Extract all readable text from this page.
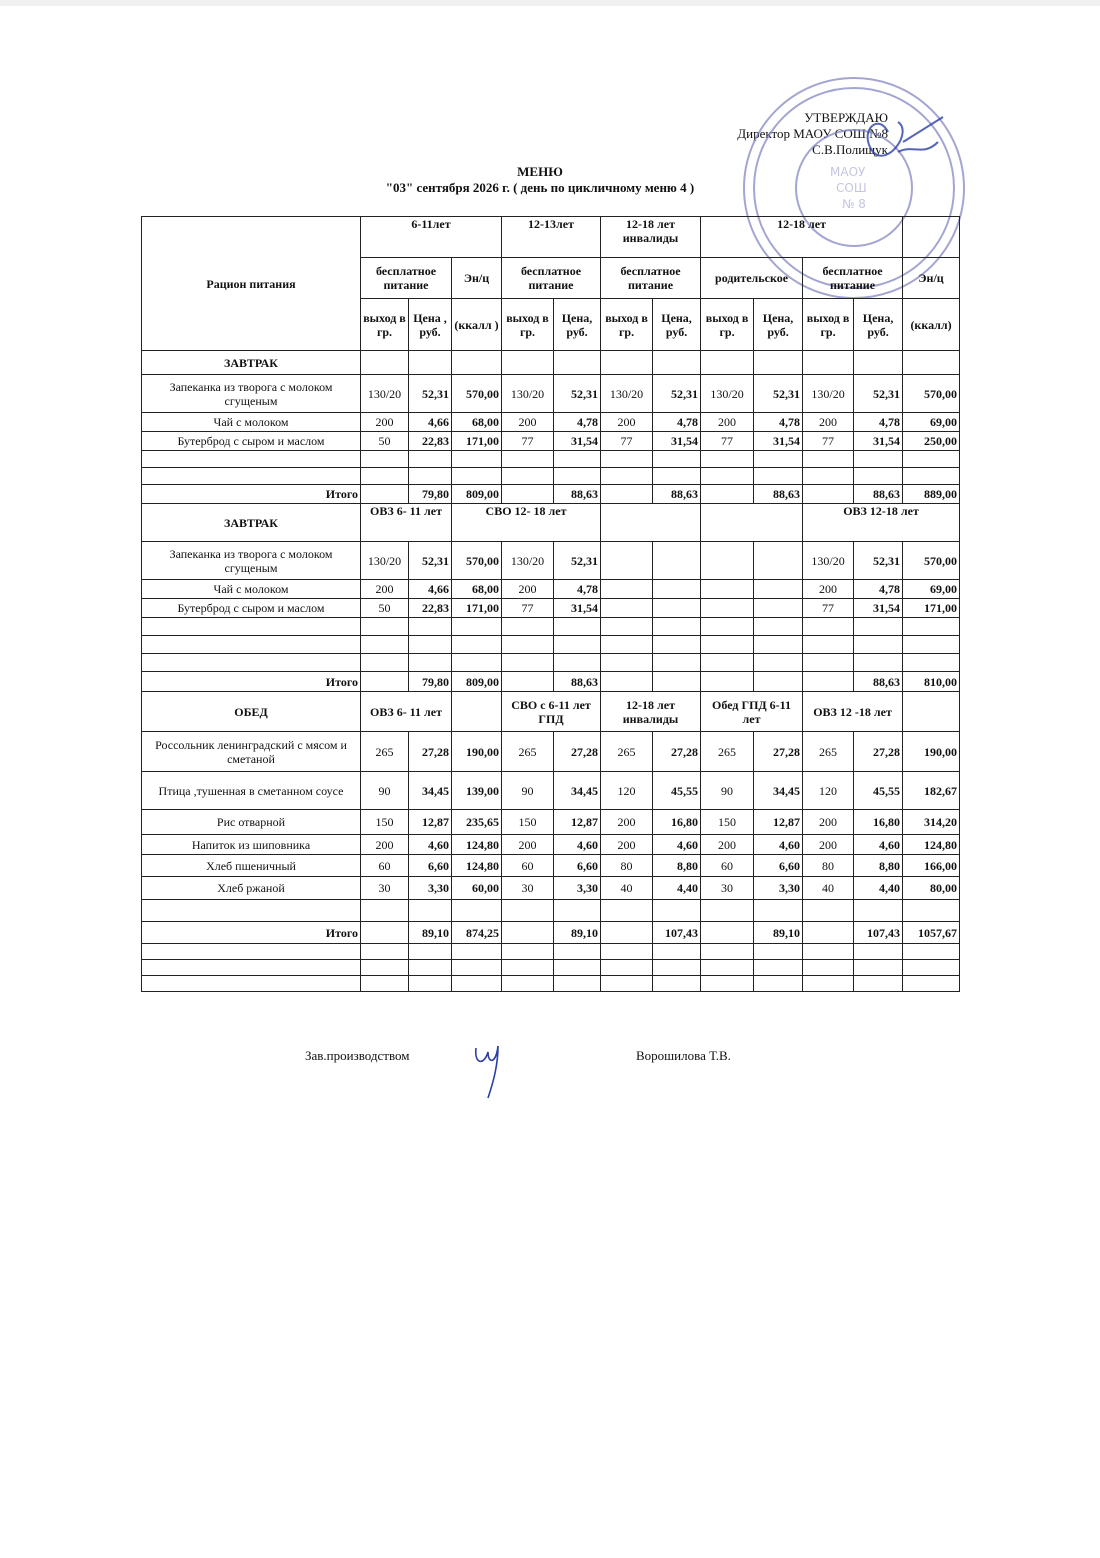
УТВЕРЖДАЮ
Директор МАОУ СОШ №8
С.В.Полищук
МАОУ
СОШ
№ 8
МЕНЮ
"03" сентября 2026 г. ( день по цикличному меню 4 )
Рацион питания	6-11лет			12-13лет		12-18 лет инвалиды		12-18 лет				
	бесплатное питание		Эн/ц	бесплатное питание		бесплатное питание		родительское		бесплатное питание		Эн/ц
	выход в гр.	Цена , руб.	(ккалл )	выход в гр.	Цена, руб.	выход в гр.	Цена, руб.	выход в гр.	Цена, руб.	выход в гр.	Цена, руб.	(ккалл)
ЗАВТРАК												
Запеканка из творога с молоком сгущеным	130/20	52,31	570,00	130/20	52,31	130/20	52,31	130/20	52,31	130/20	52,31	570,00
Чай с молоком	200	4,66	68,00	200	4,78	200	4,78	200	4,78	200	4,78	69,00
Бутерброд с сыром и маслом	50	22,83	171,00	77	31,54	77	31,54	77	31,54	77	31,54	250,00

Итого		79,80	809,00		88,63		88,63		88,63		88,63	889,00
ЗАВТРАК	ОВЗ 6- 11 лет		СВО 12- 18 лет							ОВЗ 12-18 лет		
Запеканка из творога с молоком сгущеным	130/20	52,31	570,00	130/20	52,31					130/20	52,31	570,00
Чай с молоком	200	4,66	68,00	200	4,78					200	4,78	69,00
Бутерброд с сыром и маслом	50	22,83	171,00	77	31,54					77	31,54	171,00

Итого		79,80	809,00		88,63						88,63	810,00
ОБЕД	ОВЗ 6- 11 лет			СВО с 6-11 лет ГПД		12-18 лет инвалиды		Обед ГПД 6-11 лет		ОВЗ 12 -18 лет		
Россольник ленинградский с мясом и сметаной	265	27,28	190,00	265	27,28	265	27,28	265	27,28	265	27,28	190,00
Птица ,тушенная в сметанном соусе	90	34,45	139,00	90	34,45	120	45,55	90	34,45	120	45,55	182,67
Рис отварной	150	12,87	235,65	150	12,87	200	16,80	150	12,87	200	16,80	314,20
Напиток из шиповника	200	4,60	124,80	200	4,60	200	4,60	200	4,60	200	4,60	124,80
Хлеб пшеничный	60	6,60	124,80	60	6,60	80	8,80	60	6,60	80	8,80	166,00
Хлеб ржаной	30	3,30	60,00	30	3,30	40	4,40	30	3,30	40	4,40	80,00

Итого		89,10	874,25		89,10		107,43		89,10		107,43	1057,67

Зав.производством	Ворошилова Т.В.
